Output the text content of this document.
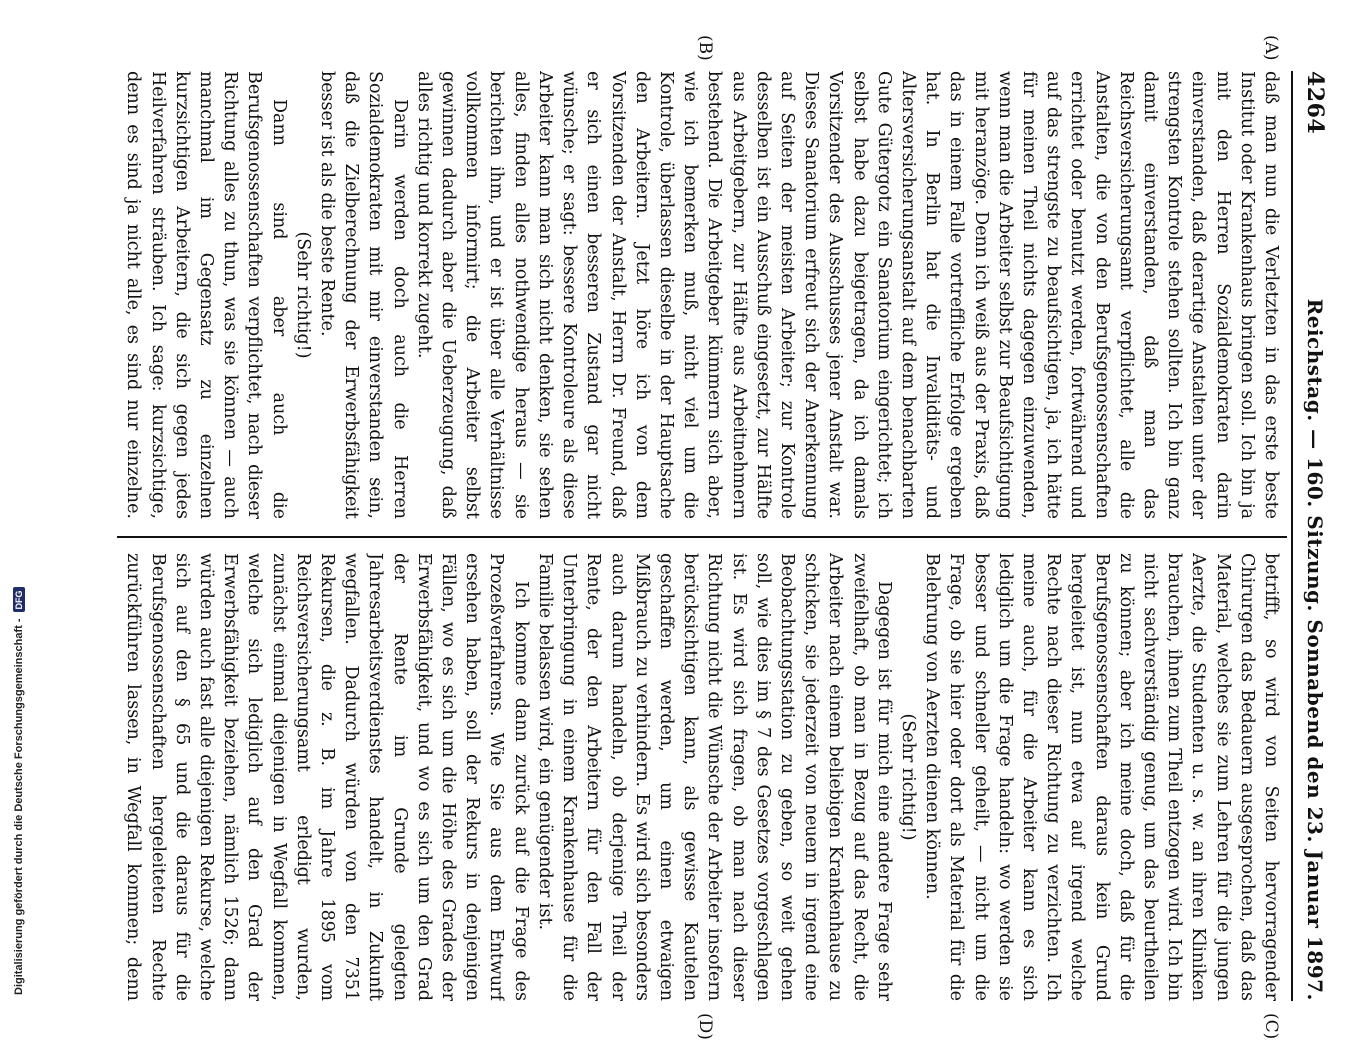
4264
Reichstag. — 160. Sitzung. Sonnabend den 23. Januar 1897.
(A)
(B)
(C)
(D)

daß man nun die Verletzten in das erste beste Institut oder Krankenhaus bringen soll. Ich bin ja mit den Herren Sozialdemokraten darin einverstanden, daß derartige Anstalten unter der strengsten Kontrole stehen sollten. Ich bin ganz damit einverstanden, daß man das Reichsversicherungsamt verpflichtet, alle die Anstalten, die von den Berufsgenossenschaften errichtet oder benutzt werden, fortwährend und auf das strengste zu beaufsichtigen, ja, ich hätte für meinen Theil nichts dagegen einzuwenden, wenn man die Arbeiter selbst zur Beaufsichtigung mit heranzöge. Denn ich weiß aus der Praxis, daß das in einem Falle vortreffliche Erfolge ergeben hat. In Berlin hat die Invaliditäts- und Altersversicherungsanstalt auf dem benachbarten Gute Gütergotz ein Sanatorium eingerichtet; ich selbst habe dazu beigetragen, da ich damals Vorsitzender des Ausschusses jener Anstalt war. Dieses Sanatorium erfreut sich der Anerkennung auf Seiten der meisten Arbeiter; zur Kontrole desselben ist ein Ausschuß eingesetzt, zur Hälfte aus Arbeitgebern, zur Hälfte aus Arbeitnehmern bestehend. Die Arbeitgeber kümmern sich aber, wie ich bemerken muß, nicht viel um die Kontrole, überlassen dieselbe in der Hauptsache den Arbeitern. Jetzt höre ich von dem Vorsitzenden der Anstalt, Herrn Dr. Freund, daß er sich einen besseren Zustand gar nicht wünsche; er sagt: bessere Kontroleure als diese Arbeiter kann man sich nicht denken, sie sehen alles, finden alles nothwendige heraus — sie berichten ihm, und er ist über alle Verhältnisse vollkommen informirt; die Arbeiter selbst gewinnen dadurch aber die Ueberzeugung, daß alles richtig und korrekt zugeht.

Darin werden doch auch die Herren Sozialdemokraten mit mir einverstanden sein, daß die Zielberechnung der Erwerbsfähigkeit besser ist als die beste Rente.

(Sehr richtig!)

Dann sind aber auch die Berufsgenossenschaften verpflichtet, nach dieser Richtung alles zu thun, was sie können — auch manchmal im Gegensatz zu einzelnen kurzsichtigen Arbeitern, die sich gegen jedes Heilverfahren sträuben. Ich sage: kurzsichtige, denn es sind ja nicht alle, es sind nur einzelne.

betrifft, so wird von Seiten hervorragender Chirurgen das Bedauern ausgesprochen, daß das Material, welches sie zum Lehren für die jungen Aerzte, die Studenten u. s. w. an ihren Kliniken brauchen, ihnen zum Theil entzogen wird. Ich bin nicht sachverständig genug, um das beurtheilen zu können; aber ich meine doch, daß für die Berufsgenossenschaften daraus kein Grund hergeleitet ist, nun etwa auf irgend welche Rechte nach dieser Richtung zu verzichten. Ich meine auch, für die Arbeiter kann es sich lediglich um die Frage handeln: wo werden sie besser und schneller geheilt, — nicht um die Frage, ob sie hier oder dort als Material für die Belehrung von Aerzten dienen können.

(Sehr richtig!)

Dagegen ist für mich eine andere Frage sehr zweifelhaft, ob man in Bezug auf das Recht, die Arbeiter nach einem beliebigen Krankenhause zu schicken, sie jederzeit von neuem in irgend eine Beobachtungsstation zu geben, so weit gehen soll, wie dies im § 7 des Gesetzes vorgeschlagen ist. Es wird sich fragen, ob man nach dieser Richtung nicht die Wünsche der Arbeiter insofern berücksichtigen kann, als gewisse Kautelen geschaffen werden, um einen etwaigen Mißbrauch zu verhindern. Es wird sich besonders auch darum handeln, ob derjenige Theil der Rente, der den Arbeitern für den Fall der Unterbringung in einem Krankenhause für die Familie belassen wird, ein genügender ist.

Ich komme dann zurück auf die Frage des Prozeßverfahrens. Wie Sie aus dem Entwurf ersehen haben, soll der Rekurs in denjenigen Fällen, wo es sich um die Höhe des Grades der Erwerbsfähigkeit, und wo es sich um den Grad der Rente im Grunde gelegten Jahresarbeitsverdienstes handelt, in Zukunft wegfallen. Dadurch würden von den 7351 Rekursen, die z. B. im Jahre 1895 vom Reichsversicherungsamt erledigt wurden, zunächst einmal diejenigen in Wegfall kommen, welche sich lediglich auf den Grad der Erwerbsfähigkeit beziehen, nämlich 1526; dann würden auch fast alle diejenigen Rekurse, welche sich auf den § 65 und die daraus für die Berufsgenossenschaften hergeleiteten Rechte zurückführen lassen, in Wegfall kommen; denn

Digitalisierung gefördert durch die Deutsche Forschungsgemeinschaft -
DFG
